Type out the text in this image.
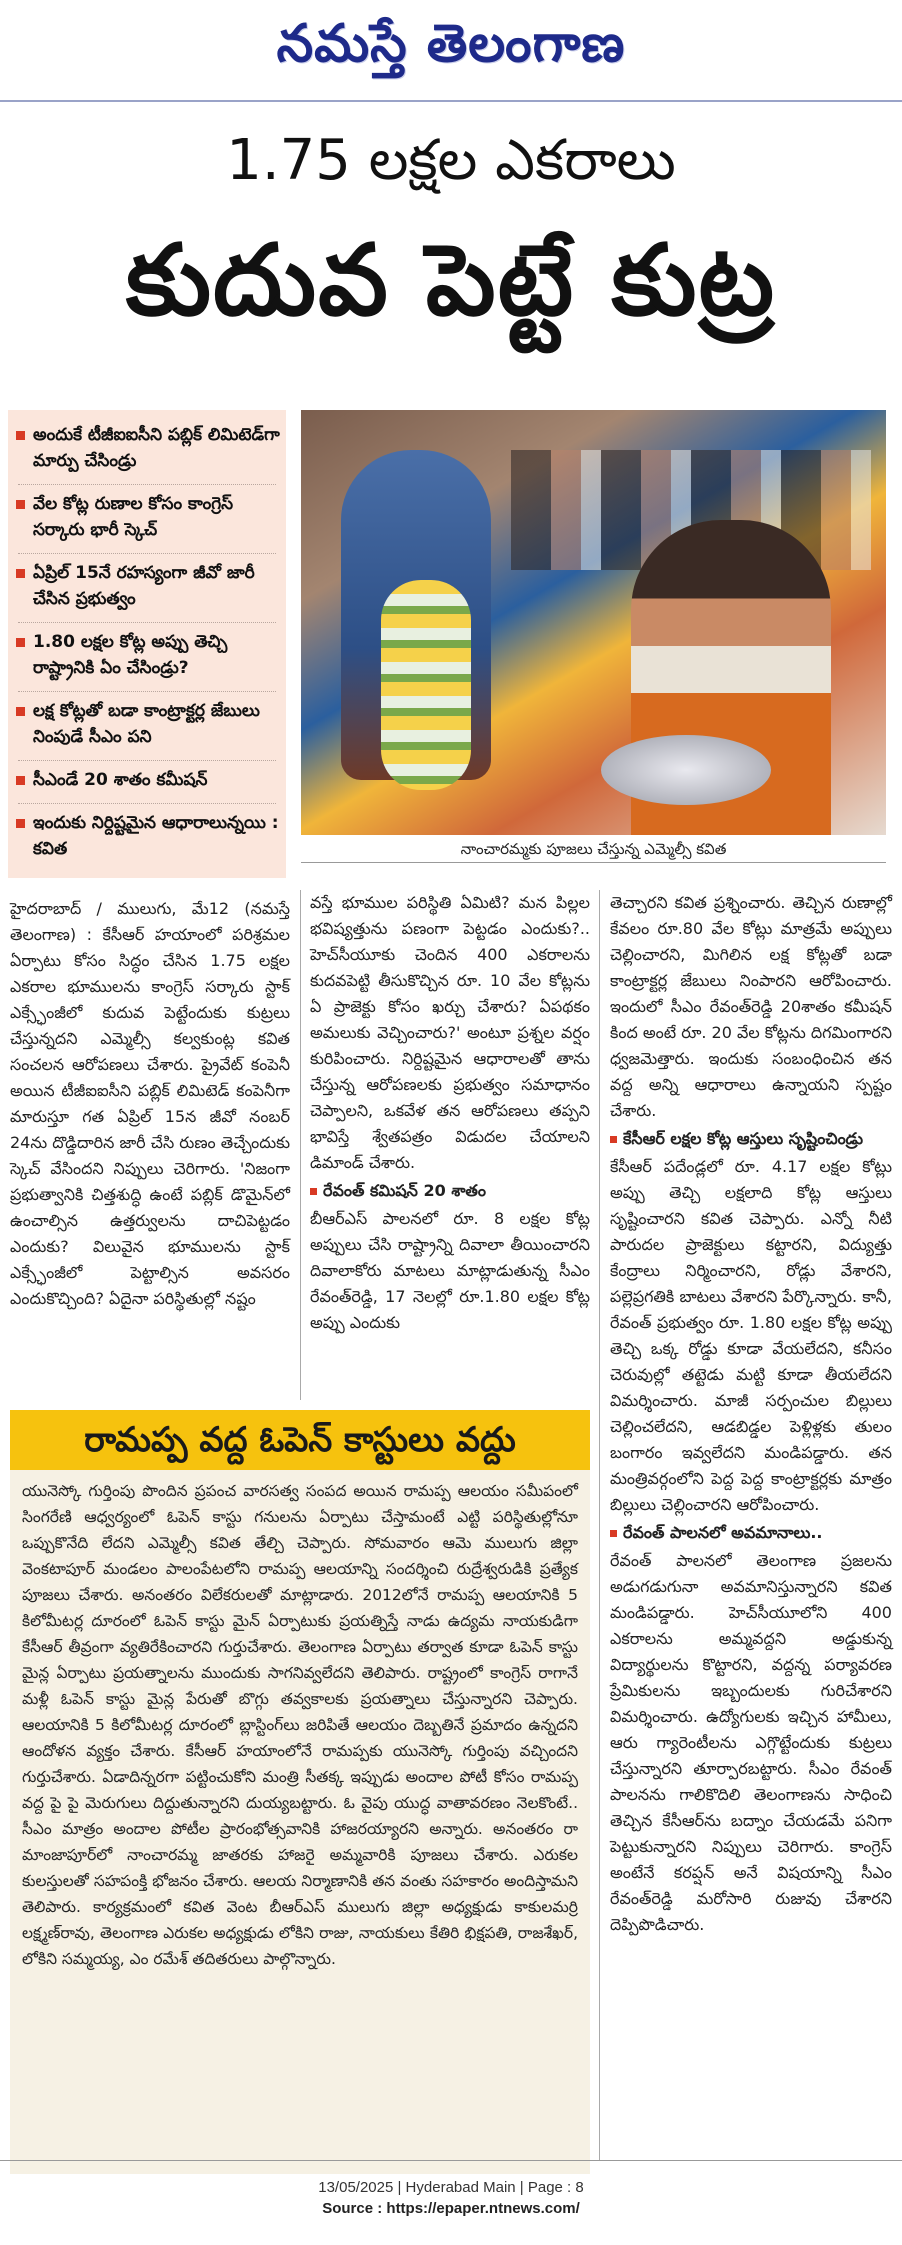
నమస్తే తెలంగాణ
1.75 లక్షల ఎకరాలు
కుదువ పెట్టే కుట్ర
అందుకే టీజీఐఐసీని పబ్లిక్ లిమిటెడ్‌గా మార్పు చేసిండ్రు
వేల కోట్ల రుణాల కోసం కాంగ్రెస్ సర్కారు భారీ స్కెచ్
ఏప్రిల్ 15నే రహస్యంగా జీవో జారీ చేసిన ప్రభుత్వం
1.80 లక్షల కోట్ల అప్పు తెచ్చి రాష్ట్రానికి ఏం చేసిండ్రు?
లక్ష కోట్లతో బడా కాంట్రాక్టర్ల జేబులు నింపుడే సీఎం పని
సీఎండే 20 శాతం కమీషన్
ఇందుకు నిర్దిష్టమైన ఆధారాలున్నయి : కవిత	నాంచారమ్మకు పూజలు చేస్తున్న ఎమ్మెల్సీ కవిత

హైదరాబాద్ / ములుగు, మే12 (నమస్తే తెలంగాణ) : కేసీఆర్ హయాంలో పరిశ్రమల ఏర్పాటు కోసం సిద్ధం చేసిన 1.75 లక్షల ఎకరాల భూములను కాంగ్రెస్ సర్కారు స్టాక్ ఎక్స్ఛేంజీలో కుదువ పెట్టేందుకు కుట్రలు చేస్తున్నదని ఎమ్మెల్సీ కల్వకుంట్ల కవిత సంచలన ఆరోపణలు చేశారు. ప్రైవేట్ కంపెనీ అయిన టీజీఐఐసీని పబ్లిక్ లిమిటెడ్ కంపెనీగా మారుస్తూ గత ఏప్రిల్ 15న జీవో నంబర్ 24ను దొడ్డిదారిన జారీ చేసి రుణం తెచ్చేందుకు స్కెచ్ వేసిందని నిప్పులు చెరిగారు. 'నిజంగా ప్రభుత్వానికి చిత్తశుద్ధి ఉంటే పబ్లిక్ డొమైన్‌లో ఉంచాల్సిన ఉత్తర్వులను దాచిపెట్టడం ఎందుకు? విలువైన భూములను స్టాక్ ఎక్స్ఛేంజీలో పెట్టాల్సిన అవసరం ఎందుకొచ్చింది? ఏదైనా పరిస్థితుల్లో నష్టం

వస్తే భూముల పరిస్థితి ఏమిటి? మన పిల్లల భవిష్యత్తును పణంగా పెట్టడం ఎందుకు?.. హెచ్‌సీయూకు చెందిన 400 ఎకరాలను కుదవపెట్టి తీసుకొచ్చిన రూ. 10 వేల కోట్లను ఏ ప్రాజెక్టు కోసం ఖర్చు చేశారు? ఏపథకం అమలుకు వెచ్చించారు?' అంటూ ప్రశ్నల వర్షం కురిపించారు. నిర్దిష్టమైన ఆధారాలతో తాను చేస్తున్న ఆరోపణలకు ప్రభుత్వం సమాధానం చెప్పాలని, ఒకవేళ తన ఆరోపణలు తప్పని భావిస్తే శ్వేతపత్రం విడుదల చేయాలని డిమాండ్ చేశారు.

రేవంత్ కమిషన్ 20 శాతం

బీఆర్‌ఎస్ పాలనలో రూ. 8 లక్షల కోట్ల అప్పులు చేసి రాష్ట్రాన్ని దివాలా తీయించారని దివాలాకోరు మాటలు మాట్లాడుతున్న సీఎం రేవంత్‌రెడ్డి, 17 నెలల్లో రూ.1.80 లక్షల కోట్ల అప్పు ఎందుకు

తెచ్చారని కవిత ప్రశ్నించారు. తెచ్చిన రుణాల్లో కేవలం రూ.80 వేల కోట్లు మాత్రమే అప్పులు చెల్లించారని, మిగిలిన లక్ష కోట్లతో బడా కాంట్రాక్టర్ల జేబులు నింపారని ఆరోపించారు. ఇందులో సీఎం రేవంత్‌రెడ్డి 20శాతం కమీషన్ కింద అంటే రూ. 20 వేల కోట్లను దిగమింగారని ధ్వజమెత్తారు. ఇందుకు సంబంధించిన తన వద్ద అన్ని ఆధారాలు ఉన్నాయని స్పష్టం చేశారు.

కేసీఆర్ లక్షల కోట్ల ఆస్తులు సృష్టించిండ్రు

కేసీఆర్ పదేండ్లలో రూ. 4.17 లక్షల కోట్లు అప్పు తెచ్చి లక్షలాది కోట్ల ఆస్తులు సృష్టించారని కవిత చెప్పారు. ఎన్నో నీటి పారుదల ప్రాజెక్టులు కట్టారని, విద్యుత్తు కేంద్రాలు నిర్మించారని, రోడ్లు వేశారని, పల్లెప్రగతికి బాటలు వేశారని పేర్కొన్నారు. కానీ, రేవంత్ ప్రభుత్వం రూ. 1.80 లక్షల కోట్ల అప్పు తెచ్చి ఒక్క రోడ్డు కూడా వేయలేదని, కనీసం చెరువుల్లో తట్టెడు మట్టి కూడా తీయలేదని విమర్శించారు. మాజీ సర్పంచుల బిల్లులు చెల్లించలేదని, ఆడబిడ్డల పెళ్లిళ్లకు తులం బంగారం ఇవ్వలేదని మండిపడ్డారు. తన మంత్రివర్గంలోని పెద్ద పెద్ద కాంట్రాక్టర్లకు మాత్రం బిల్లులు చెల్లించారని ఆరోపించారు.

రేవంత్ పాలనలో అవమానాలు..

రేవంత్ పాలనలో తెలంగాణ ప్రజలను అడుగడుగునా అవమానిస్తున్నారని కవిత మండిపడ్డారు. హెచ్‌సీయూలోని 400 ఎకరాలను అమ్మవద్దని అడ్డుకున్న విద్యార్థులను కొట్టారని, వద్దన్న పర్యావరణ ప్రేమికులను ఇబ్బందులకు గురిచేశారని విమర్శించారు. ఉద్యోగులకు ఇచ్చిన హామీలు, ఆరు గ్యారెంటీలను ఎగ్గొట్టేందుకు కుట్రలు చేస్తున్నారని తూర్పారబట్టారు. సీఎం రేవంత్ పాలనను గాలికొదిలి తెలంగాణను సాధించి తెచ్చిన కేసీఆర్‌ను బద్నాం చేయడమే పనిగా పెట్టుకున్నారని నిప్పులు చెరిగారు. కాంగ్రెస్ అంటేనే కరప్షన్ అనే విషయాన్ని సీఎం రేవంత్‌రెడ్డి మరోసారి రుజువు చేశారని దెప్పిపొడిచారు.

రామప్ప వద్ద ఓపెన్ కాస్టులు వద్దు

యునెస్కో గుర్తింపు పొందిన ప్రపంచ వారసత్వ సంపద అయిన రామప్ప ఆలయం సమీపంలో సింగరేణి ఆధ్వర్యంలో ఓపెన్ కాస్టు గనులను ఏర్పాటు చేస్తామంటే ఎట్టి పరిస్థితుల్లోనూ ఒప్పుకొనేది లేదని ఎమ్మెల్సీ కవిత తేల్చి చెప్పారు. సోమవారం ఆమె ములుగు జిల్లా వెంకటాపూర్ మండలం పాలంపేటలోని రామప్ప ఆలయాన్ని సందర్శించి రుద్రేశ్వరుడికి ప్రత్యేక పూజలు చేశారు. అనంతరం విలేకరులతో మాట్లాడారు. 2012లోనే రామప్ప ఆలయానికి 5 కిలోమీటర్ల దూరంలో ఓపెన్ కాస్టు మైన్ ఏర్పాటుకు ప్రయత్నిస్తే నాడు ఉద్యమ నాయకుడిగా కేసీఆర్ తీవ్రంగా వ్యతిరేకించారని గుర్తుచేశారు. తెలంగాణ ఏర్పాటు తర్వాత కూడా ఓపెన్ కాస్టు మైన్ల ఏర్పాటు ప్రయత్నాలను ముందుకు సాగనివ్వలేదని తెలిపారు. రాష్ట్రంలో కాంగ్రెస్ రాగానే మళ్లీ ఓపెన్ కాస్టు మైన్ల పేరుతో బొగ్గు తవ్వకాలకు ప్రయత్నాలు చేస్తున్నారని చెప్పారు. ఆలయానికి 5 కిలోమీటర్ల దూరంలో బ్లాస్టింగ్‌లు జరిపితే ఆలయం దెబ్బతినే ప్రమాదం ఉన్నదని ఆందోళన వ్యక్తం చేశారు. కేసీఆర్ హయాంలోనే రామప్పకు యునెస్కో గుర్తింపు వచ్చిందని గుర్తుచేశారు. ఏడాదిన్నరగా పట్టించుకోని మంత్రి సీతక్క ఇప్పుడు అందాల పోటీ కోసం రామప్ప వద్ద పై పై మెరుగులు దిద్దుతున్నారని దుయ్యబట్టారు. ఓ వైపు యుద్ధ వాతావరణం నెలకొంటే.. సీఎం మాత్రం అందాల పోటీల ప్రారంభోత్సవానికి హాజరయ్యారని అన్నారు. అనంతరం రా మాంజాపూర్‌లో నాంచారమ్మ జాతరకు హాజరై అమ్మవారికి పూజలు చేశారు. ఎరుకల కులస్తులతో సహపంక్తి భోజనం చేశారు. ఆలయ నిర్మాణానికి తన వంతు సహకారం అందిస్తామని తెలిపారు. కార్యక్రమంలో కవిత వెంట బీఆర్‌ఎస్ ములుగు జిల్లా అధ్యక్షుడు కాకులమర్రి లక్ష్మణ్‌రావు, తెలంగాణ ఎరుకల అధ్యక్షుడు లోకిని రాజు, నాయకులు కేతిరి భిక్షపతి, రాజశేఖర్, లోకిని సమ్మయ్య, ఎం రమేశ్ తదితరులు పాల్గొన్నారు.

13/05/2025 | Hyderabad Main | Page : 8
Source : https://epaper.ntnews.com/
